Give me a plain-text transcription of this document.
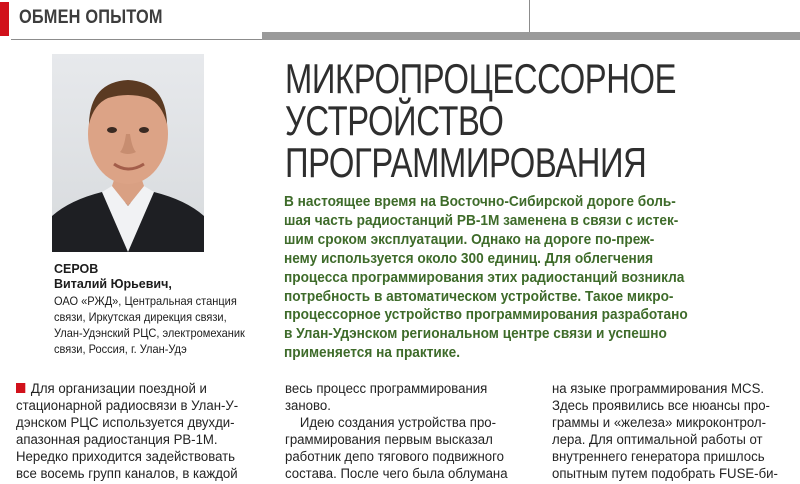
ОБМЕН ОПЫТОМ
СЕРОВ
Виталий Юрьевич,
ОАО «РЖД», Центральная станция
связи, Иркутская дирекция связи,
Улан-Удэнский РЦС, электромеханик
связи, Россия, г. Улан-Удэ
МИКРОПРОЦЕССОРНОЕ
УСТРОЙСТВО
ПРОГРАММИРОВАНИЯ
В настоящее время на Восточно-Сибирской дороге боль-
шая часть радиостанций РВ-1М заменена в связи с истек-
шим сроком эксплуатации. Однако на дороге по-преж-
нему используется около 300 единиц. Для облегчения
процесса программирования этих радиостанций возникла
потребность в автоматическом устройстве. Такое микро-
процессорное устройство программирования разработано
в Улан-Удэнском региональном центре связи и успешно
применяется на практике.
Для организации поездной и
стационарной радиосвязи в Улан-У-
дэнском РЦС используется двухди-
апазонная радиостанция РВ-1М.
Нередко приходится задействовать
все восемь групп каналов, в каждой
весь процесс программирования
заново.
Идею создания устройства про-
граммирования первым высказал
работник депо тягового подвижного
состава. После чего была облумана
на языке программирования MCS.
Здесь проявились все нюансы про-
граммы и «железа» микроконтрол-
лера. Для оптимальной работы от
внутреннего генератора пришлось
опытным путем подобрать FUSE-би-
